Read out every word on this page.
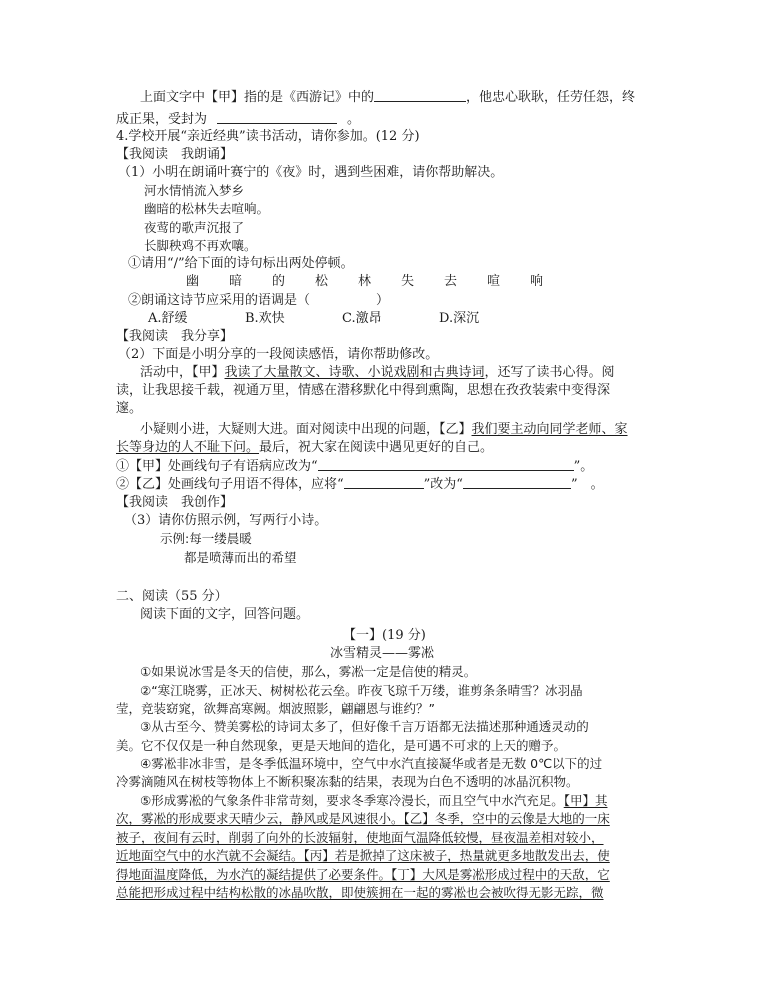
上面文字中【甲】指的是《西游记》中的	，他忠心耿耿，任劳任怨，终
成正果，受封为	。
4.学校开展“亲近经典”读书活动，请你参加。(12 分)
【我阅读　我朗诵】
（1）小明在朗诵叶赛宁的《夜》时，遇到些困难，请你帮助解决。
河水情悄流入梦乡
幽暗的松林失去喧响。
夜莺的歌声沉报了
长脚秧鸡不再欢嚷。
①请用“/”给下面的诗句标出两处停顿。
幽 暗 的 松 林 失 去 喧 响
②朗诵这诗节应采用的语调是（	）
A.舒缓	B.欢快	C.激昂	D.深沉
【我阅读　我分享】
（2）下面是小明分享的一段阅读感悟，请你帮助修改。
活动中，【甲】我读了大量散文、诗歌、小说戏剧和古典诗词，还写了读书心得。阅
读，让我思接千载，视通万里，情感在潜移默化中得到熏陶，思想在孜孜装索中变得深
邃。
小疑则小进，大疑则大进。面对阅读中出现的问题，【乙】我们要主动向同学老师、家
长等身边的人不耻下问。最后，祝大家在阅读中遇见更好的自己。
①【甲】处画线句子有语病应改为“	”。
②【乙】处画线句子用语不得体，应将“	”改为“	”　。
【我阅读　我创作】
（3）请你仿照示例，写两行小诗。
示例:每一缕晨暖
都是喷薄而出的希望
二、阅读（55 分）
阅读下面的文字，回答问题。
【一】(19 分)
冰雪精灵——雾凇
①如果说冰雪是冬天的信使，那么，雾凇一定是信使的精灵。
②“寒江晓雾，正冰天、树树松花云垒。昨夜飞琼千万缕，谁剪条条晴雪？冰羽晶
莹，竞装窈窕，欲舞高寒阙。烟波照影，翩翩恩与谁约？”
③从古至今、赞美雾松的诗词太多了，但好像千言万语都无法描述那种通透灵动的
美。它不仅仅是一种自然现象，更是天地间的造化，是可遇不可求的上天的赠予。
④雾凇非冰非雪，是冬季低温环境中，空气中水汽直接凝华或者是无数 0℃以下的过
冷雾滴随风在树枝等物体上不断积聚冻黏的结果，表现为白色不透明的冰晶沉积物。
⑤形成雾凇的气象条件非常苛刻，要求冬季寒冷漫长，而且空气中水汽充足。【甲】其
次，雾凇的形成要求天晴少云，静风或是风速很小。【乙】冬季，空中的云像是大地的一床
被子，夜间有云时，削弱了向外的长波辐射，使地面气温降低较慢，昼夜温差相对较小，
近地面空气中的水汽就不会凝结。【丙】若是掀掉了这床被子，热量就更多地散发出去，使
得地面温度降低，为水汽的凝结提供了必要条件。【丁】大风是雾凇形成过程中的天敌，它
总能把形成过程中结构松散的冰晶吹散，即使簇拥在一起的雾凇也会被吹得无影无踪，微
